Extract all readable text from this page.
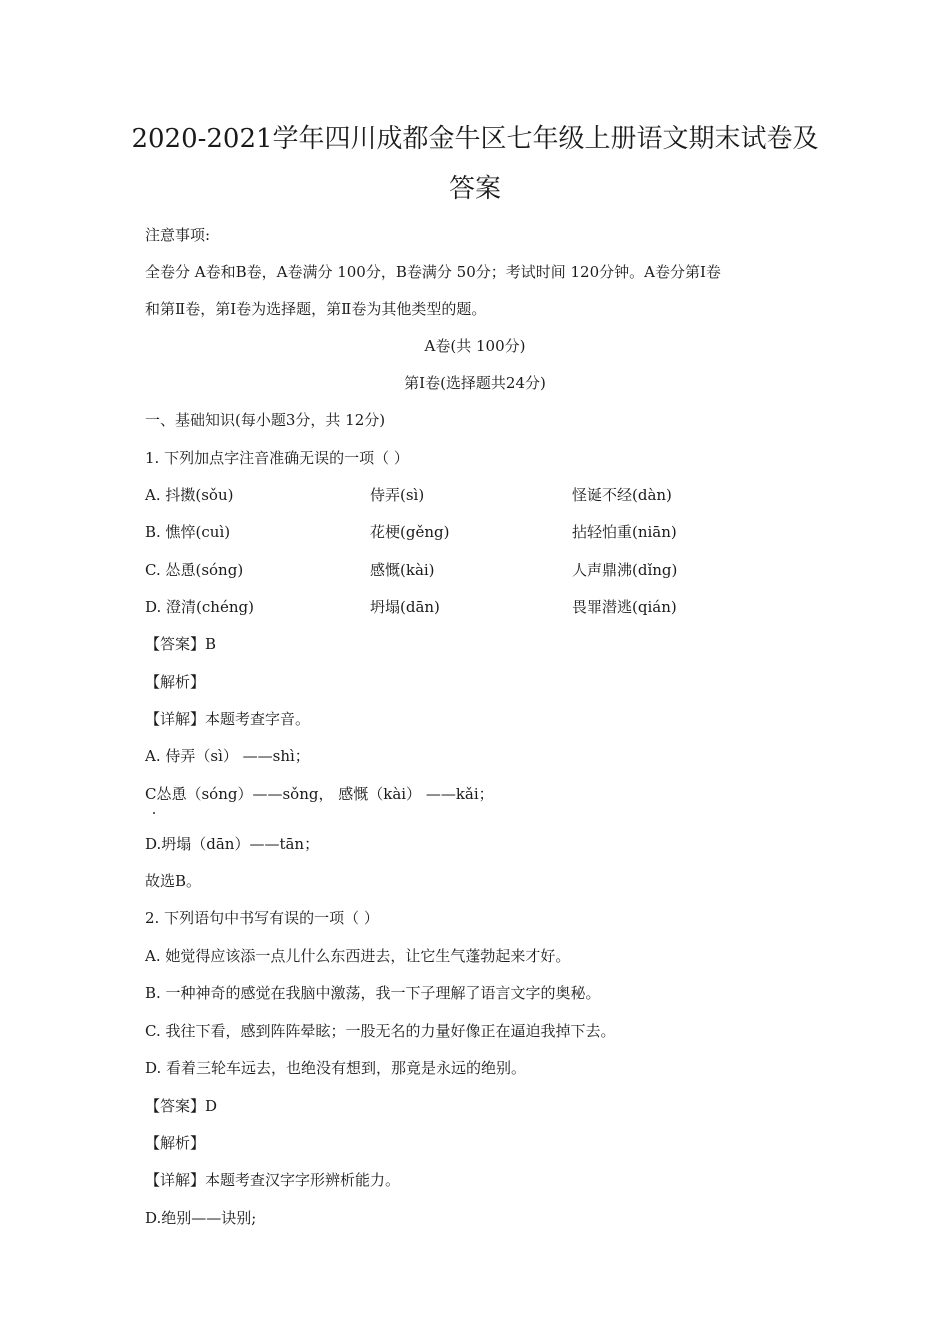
2020-2021学年四川成都金牛区七年级上册语文期末试卷及
答案
注意事项:
全卷分 A卷和B卷，A卷满分 100分，B卷满分 50分；考试时间 120分钟。A卷分第Ⅰ卷
和第Ⅱ卷，第Ⅰ卷为选择题，第Ⅱ卷为其他类型的题。
A卷(共 100分)
第Ⅰ卷(选择题共24分)
一、基础知识(每小题3分，共 12分)
1. 下列加点字注音准确无误的一项（ ）
A. 抖擞(sǒu)	侍弄(sì)	怪诞不经(dàn)
B. 憔悴(cuì)	花梗(gěng)	拈轻怕重(niān)
C. 怂恿(sóng)	感慨(kài)	人声鼎沸(dǐng)
D. 澄清(chéng)	坍塌(dān)	畏罪潜逃(qián)
【答案】B
【解析】
【详解】本题考查字音。
A. 侍弄（sì） ——shì；
C怂恿（sóng）——sǒng， 感慨（kài） ——kǎi；
D.坍塌（dān）——tān；
故选B。
2. 下列语句中书写有误的一项（ ）
A. 她觉得应该添一点儿什么东西进去，让它生气蓬勃起来才好。
B. 一种神奇的感觉在我脑中激荡，我一下子理解了语言文字的奥秘。
C. 我往下看，感到阵阵晕眩；一股无名的力量好像正在逼迫我掉下去。
D. 看着三轮车远去，也绝没有想到，那竟是永远的绝别。
【答案】D
【解析】
【详解】本题考查汉字字形辨析能力。
D.绝别——诀别;
